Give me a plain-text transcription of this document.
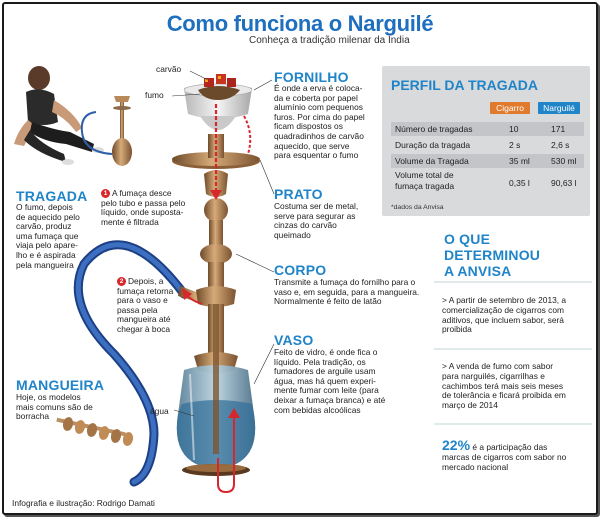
Como funciona o Narguilé
Conheça a tradição milenar da Índia
carvão
fumo
água
FORNILHO
É onde a erva é coloca-
da e coberta por papel
alumínio com pequenos
furos. Por cima do papel
ficam dispostos os
quadradinhos de carvão
aquecido, que serve
para esquentar o fumo
PRATO
Costuma ser de metal,
serve para segurar as
cinzas do carvão
queimado
CORPO
Transmite a fumaça do fornilho para o
vaso e, em seguida, para a mangueira.
Normalmente é feito de latão
VASO
Feito de vidro, é onde fica o
líquido. Pela tradição, os
fumadores de arguile usam
água, mas há quem experi-
mente fumar com leite (para
deixar a fumaça branca) e até
com bebidas alcoólicas
TRAGADA
O fumo, depois
de aquecido pelo
carvão, produz
uma fumaça que
viaja pelo apare-
lho e é aspirada
pela mangueira
MANGUEIRA
Hoje, os modelos
mais comuns são de
borracha
1 A fumaça desce
pelo tubo e passa pelo
líquido, onde suposta-
mente é filtrada
2 Depois, a
fumaça retorna
para o vaso e
passa pela
mangueira até
chegar à boca
PERFIL DA TRAGADA
Cigarro	Narguilé
Número de tragadas	10	171
Duração da tragada	2 s	2,6 s
Volume da Tragada	35 ml 530 ml
Volume total de
fumaça tragada	0,35 l 90,63 l
*dados da Anvisa
O QUE
DETERMINOU
A ANVISA
> A partir de setembro de 2013, a
comercialização de cigarros com
aditivos, que incluem sabor, será
proibida
> A venda de fumo com sabor
para narguilés, cigarrilhas e
cachimbos terá mais seis meses
de tolerância e ficará proibida em
março de 2014
22% é a participação das
marcas de cigarros com sabor no
mercado nacional
Infografia e ilustração: Rodrigo Damati
